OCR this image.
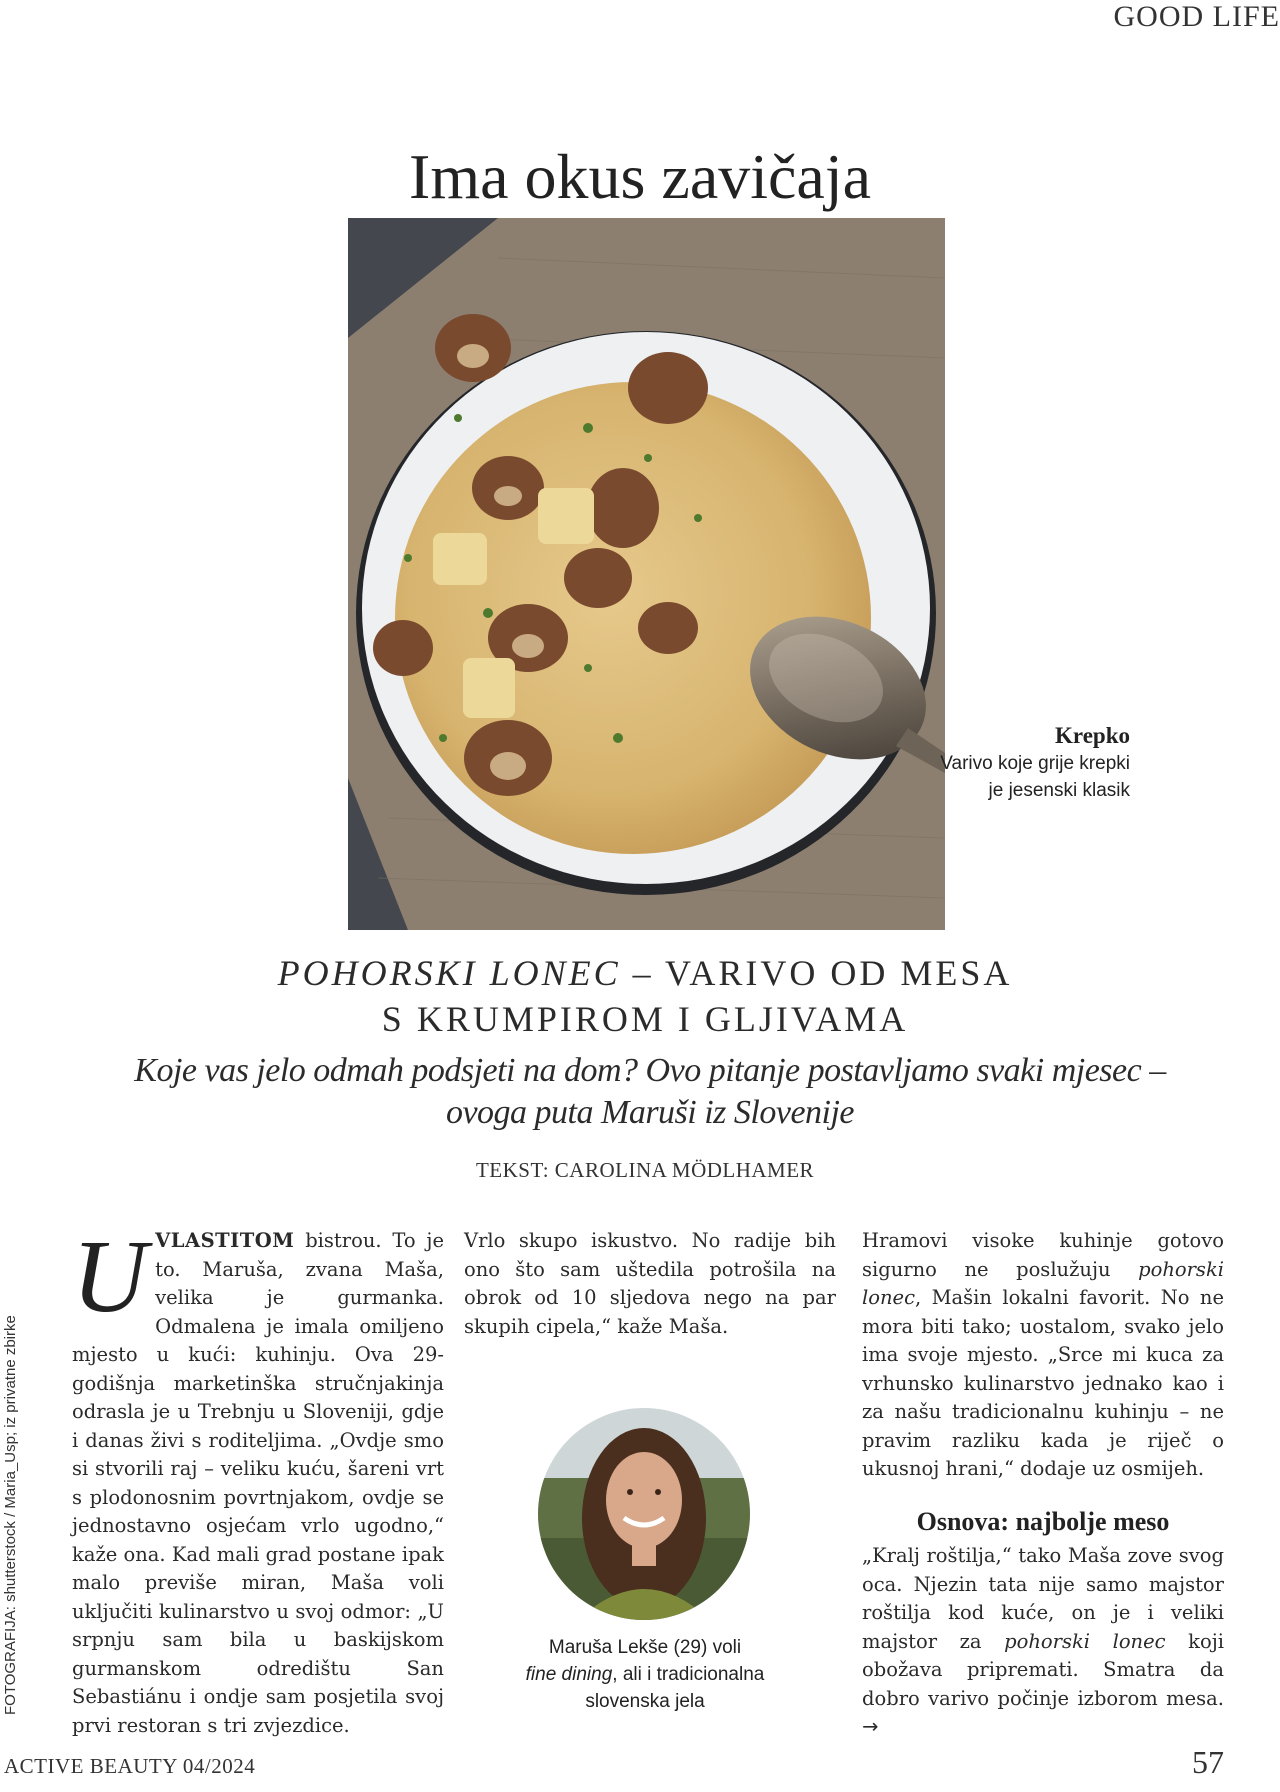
GOOD LIFE
Ima okus zavičaja
Krepko
Varivo koje grije krepki je jesenski klasik
POHORSKI LONEC – VARIVO OD MESA
S KRUMPIROM I GLJIVAMA
Koje vas jelo odmah podsjeti na dom? Ovo pitanje postavljamo svaki mjesec – ovoga puta Maruši iz Slovenije
TEKST: CAROLINA MÖDLHAMER

UVLASTITOM bistrou. To je to. Maruša, zvana Maša, velika je gurmanka. Odmalena je imala omiljeno mjesto u kući: kuhinju. Ova 29-godišnja marketinška stručnjakinja odrasla je u Trebnju u Sloveniji, gdje i danas živi s roditeljima. „Ovdje smo si stvorili raj – veliku kuću, šareni vrt s plodonosnim povrtnjakom, ovdje se jednostavno osjećam vrlo ugodno,“ kaže ona. Kad mali grad postane ipak malo previše miran, Maša voli uključiti kulinarstvo u svoj odmor: „U srpnju sam bila u baskijskom gurmanskom odredištu San Sebastiánu i ondje sam posjetila svoj prvi restoran s tri zvjezdice.

Vrlo skupo iskustvo. No radije bih ono što sam uštedila potrošila na obrok od 10 sljedova nego na par skupih cipela,“ kaže Maša.

Maruša Lekše (29) voli
fine dining, ali i tradicionalna
slovenska jela

Hramovi visoke kuhinje gotovo sigurno ne poslužuju pohorski lonec, Mašin lokalni favorit. No ne mora biti tako; uostalom, svako jelo ima svoje mjesto. „Srce mi kuca za vrhunsko kulinarstvo jednako kao i za našu tradicionalnu kuhinju – ne pravim razliku kada je riječ o ukusnoj hrani,“ dodaje uz osmijeh.

Osnova: najbolje meso

„Kralj roštilja,“ tako Maša zove svog oca. Njezin tata nije samo majstor roštilja kod kuće, on je i veliki majstor za pohorski lonec koji obožava pripremati. Smatra da dobro varivo počinje izborom mesa. →

FOTOGRAFIJA: shutterstock / Maria_Usp; iz privatne zbirke
ACTIVE BEAUTY 04/2024	57
